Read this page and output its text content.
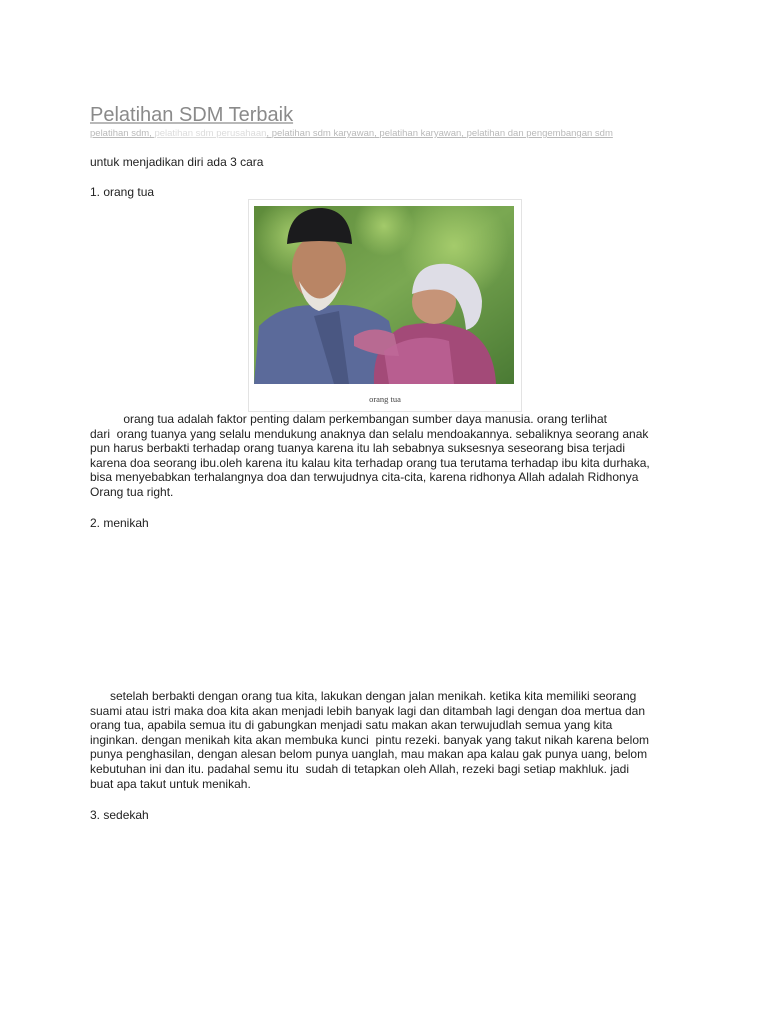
Pelatihan SDM Terbaik
pelatihan sdm, pelatihan sdm perusahaan, pelatihan sdm karyawan, pelatihan karyawan, pelatihan dan pengembangan sdm
untuk menjadikan diri ada 3 cara
1. orang tua
orang tua
orang tua adalah faktor penting dalam perkembangan sumber daya manusia. orang terlihat
dari  orang tuanya yang selalu mendukung anaknya dan selalu mendoakannya. sebaliknya seorang anak
pun harus berbakti terhadap orang tuanya karena itu lah sebabnya suksesnya seseorang bisa terjadi
karena doa seorang ibu.oleh karena itu kalau kita terhadap orang tua terutama terhadap ibu kita durhaka,
bisa menyebabkan terhalangnya doa dan terwujudnya cita-cita, karena ridhonya Allah adalah Ridhonya
Orang tua right.
2. menikah
setelah berbakti dengan orang tua kita, lakukan dengan jalan menikah. ketika kita memiliki seorang
suami atau istri maka doa kita akan menjadi lebih banyak lagi dan ditambah lagi dengan doa mertua dan
orang tua, apabila semua itu di gabungkan menjadi satu makan akan terwujudlah semua yang kita
inginkan. dengan menikah kita akan membuka kunci  pintu rezeki. banyak yang takut nikah karena belom
punya penghasilan, dengan alesan belom punya uanglah, mau makan apa kalau gak punya uang, belom
kebutuhan ini dan itu. padahal semu itu  sudah di tetapkan oleh Allah, rezeki bagi setiap makhluk. jadi
buat apa takut untuk menikah.
3. sedekah
